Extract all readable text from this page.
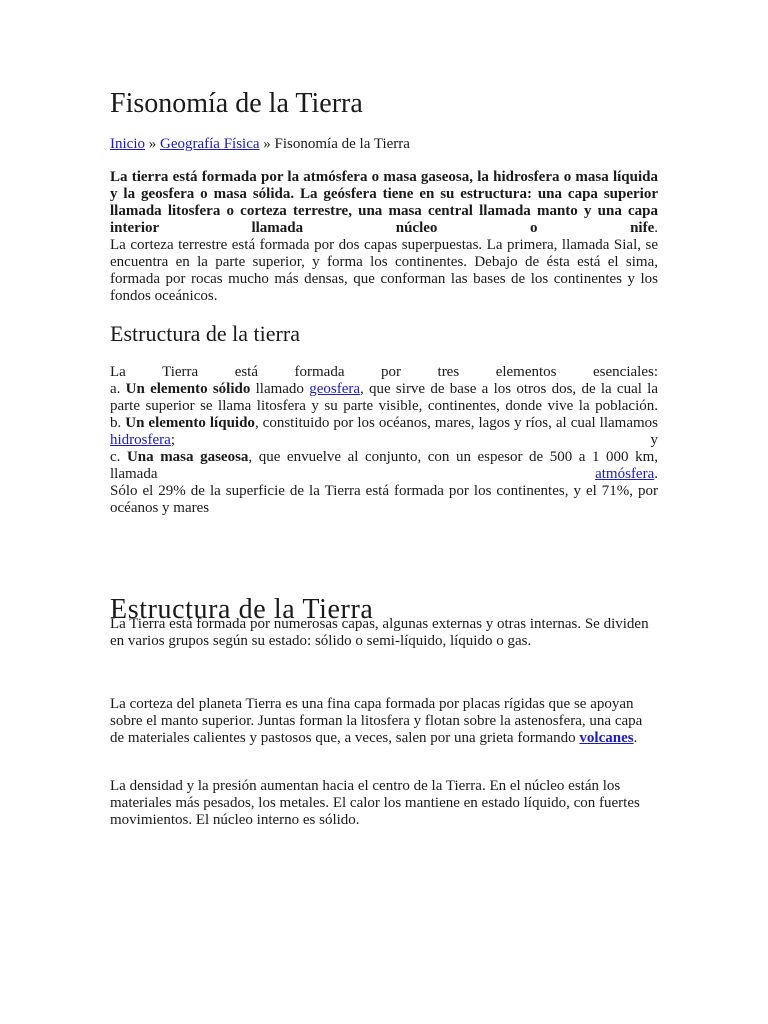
Fisonomía de la Tierra
Inicio » Geografía Física » Fisonomía de la Tierra
La tierra está formada por la atmósfera o masa gaseosa, la hidrosfera o masa líquida y la geosfera o masa sólida. La geósfera tiene en su estructura: una capa superior llamada litosfera o corteza terrestre, una masa central llamada manto y una capa interior llamada núcleo o nife.
La corteza terrestre está formada por dos capas superpuestas. La primera, llamada Sial, se encuentra en la parte superior, y forma los continentes. Debajo de ésta está el sima, formada por rocas mucho más densas, que conforman las bases de los continentes y los fondos oceánicos.
Estructura de la tierra
La Tierra está formada por tres elementos esenciales:
a. Un elemento sólido llamado geosfera, que sirve de base a los otros dos, de la cual la parte superior se llama litosfera y su parte visible, continentes, donde vive la población.
b. Un elemento líquido, constituido por los océanos, mares, lagos y ríos, al cual llamamos hidrosfera; y
c. Una masa gaseosa, que envuelve al conjunto, con un espesor de 500 a 1 000 km, llamada atmósfera.
Sólo el 29% de la superficie de la Tierra está formada por los continentes, y el 71%, por océanos y mares
Estructura de la Tierra

La Tierra está formada por numerosas capas, algunas externas y otras internas. Se dividen en varios grupos según su estado: sólido o semi-líquido, líquido o gas.

La corteza del planeta Tierra es una fina capa formada por placas rígidas que se apoyan sobre el manto superior. Juntas forman la litosfera y flotan sobre la astenosfera, una capa de materiales calientes y pastosos que, a veces, salen por una grieta formando volcanes.

La densidad y la presión aumentan hacia el centro de la Tierra. En el núcleo están los materiales más pesados, los metales. El calor los mantiene en estado líquido, con fuertes movimientos. El núcleo interno es sólido.
